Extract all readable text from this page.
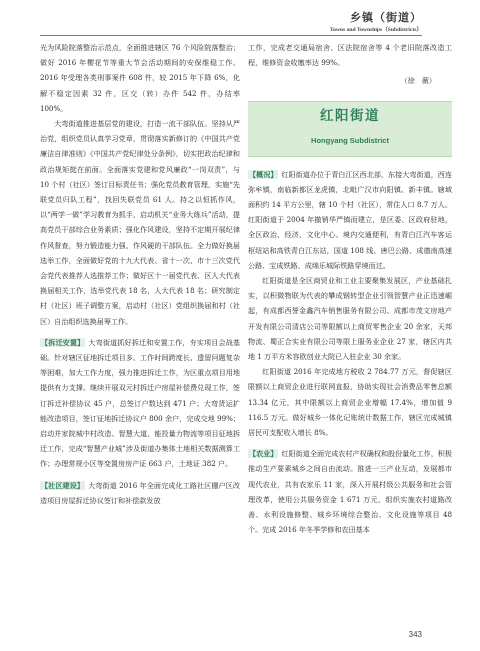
乡镇（街道）
Towns and Townships（Subdistricts）

光为风险院落整治示范点，全面推进辖区 76 个风险院落整治；做好 2016 年樱花节等重大节会活动期间的安保维稳工作。2016 年受理各类刑事案件 608 件，较 2015 年下降 6%，化解不稳定因素 32 件，区交（转）办件 542 件，办结率 100%。

大弯街道推进基层党的建设，打造一流干部队伍。坚持从严治党，组织党员认真学习党章，贯彻落实新修订的《中国共产党廉洁自律准则》《中国共产党纪律处分条例》，切实把政治纪律和政治规矩挺在前面。全面落实党建和党风廉政“一岗双责”，与 10 个村（社区）签订目标责任书；强化党员教育管理，实施“先联党员归队工程”，找回失联党员 61 人。持之以恒抓作风，以“两学一做”学习教育为抓手，启动机关“业务大练兵”活动，提高党员干部综合业务素质；强化作风建设，坚持不定期开展纪律作风督查，努力锻造能力强、作风硬的干部队伍。全力做好换届选举工作，全面做好党的十九大代表、省十一次、市十三次党代会党代表推荐人选推荐工作；做好区十一届党代表、区人大代表换届相关工作，选举党代表 18 名，人大代表 18 名；研究制定村（社区）班子调整方案，启动村（社区）党组织换届和村（社区）自治组织选换届筹工作。

【拆迁安置】 大弯街道抓好拆迁和安置工作，夯实项目会战基础。针对辖区征地拆迁项目多、工作时间跨度长、遗留问题复杂等困难，加大工作力度，强力推进拆迁工作，为区重点项目用地提供有力支撑。继续开展双元村拆迁户房屋补偿费兑现工作，签订拆迁补偿协议 45 户，总签订户数达到 471 户；大弯货运扩能改造项目，签订征地拆迁协议户 800 余户，完成交地 99%；启动并家院城中村改造、智慧大道、能投量力物流等项目征地拆迁工作，完成“智慧产业城”涉及街道办集体土地相关数据测算工作；办理常规小区等变置房房产证 663 户，土地证 382 户。

【社区建设】 大弯街道 2016 年全面完成化工路社区棚户区改造项目房屋拆迁协议签订和补偿款发放

工作，完成老交通局宿舍、区法院宿舍等 4 个老旧院落改造工程，维修资金收缴率达 99%。

（徐　薇）
红阳街道
Hongyang Subdistrict

【概况】 红阳街道办位于青白江区西北部，东接大弯街道，西连弥牟镇，南临新都区龙虎镇，北毗广汉市向阳镇、新丰镇。辖域面积约 14 平方公里，辖 10 个村（社区），常住人口 8.7 万人。红阳街道于 2004 年撤销华严镇而建立，是区委、区政府驻地，全区政治、经济、文化中心。境内交通便利，有青白江汽车客运枢纽站和高铁青白江东站，国道 108 线、唐巴公路、成德南高速公路、宝成铁路、成绵乐城际铁路穿境而过。

红阳街道是全区商贸业和工业主要聚集发展区，产业基础扎实，以积微物联为代表的攀成钢转型企业引领智慧产业正迅速崛起，有成都西誉金鑫汽车销售服务有限公司、成都市茂文房地产开发有限公司清店公司等限额以上商贸零售企业 20 余家，天邦物流、蜀正合实业有限公司等限上服务业企业 27 家，辖区内共地 1 万平方米容欧创业大院已入驻企业 30 余家。

红阳街道 2016 年完成地方税收 2 784.77 万元，督促辖区限额以上商贸企业进行联网直报，协助实现社会消费品零售总额 13.34 亿元，其中限额以上商贸企业增幅 17.4%，增加值 9 116.5 万元。做好城乡一体化记账统计数据工作，辖区完成城镇居民可支配收入增长 8%。

【农业】 红阳街道全面完成农村产权确权和股份量化工作，积极推动生产要素城乡之间自由流动。推进一三产业互动，发展都市现代农业，共有农家乐 11 家，深入开展村级公共服务和社会管理改革，使用公共服务资金 1 671 万元，组织实施农村道路改善、水利设施修整、城乡环境综合整治、文化设施等项目 48 个。完成 2016 年冬季学修和农田基本

343
